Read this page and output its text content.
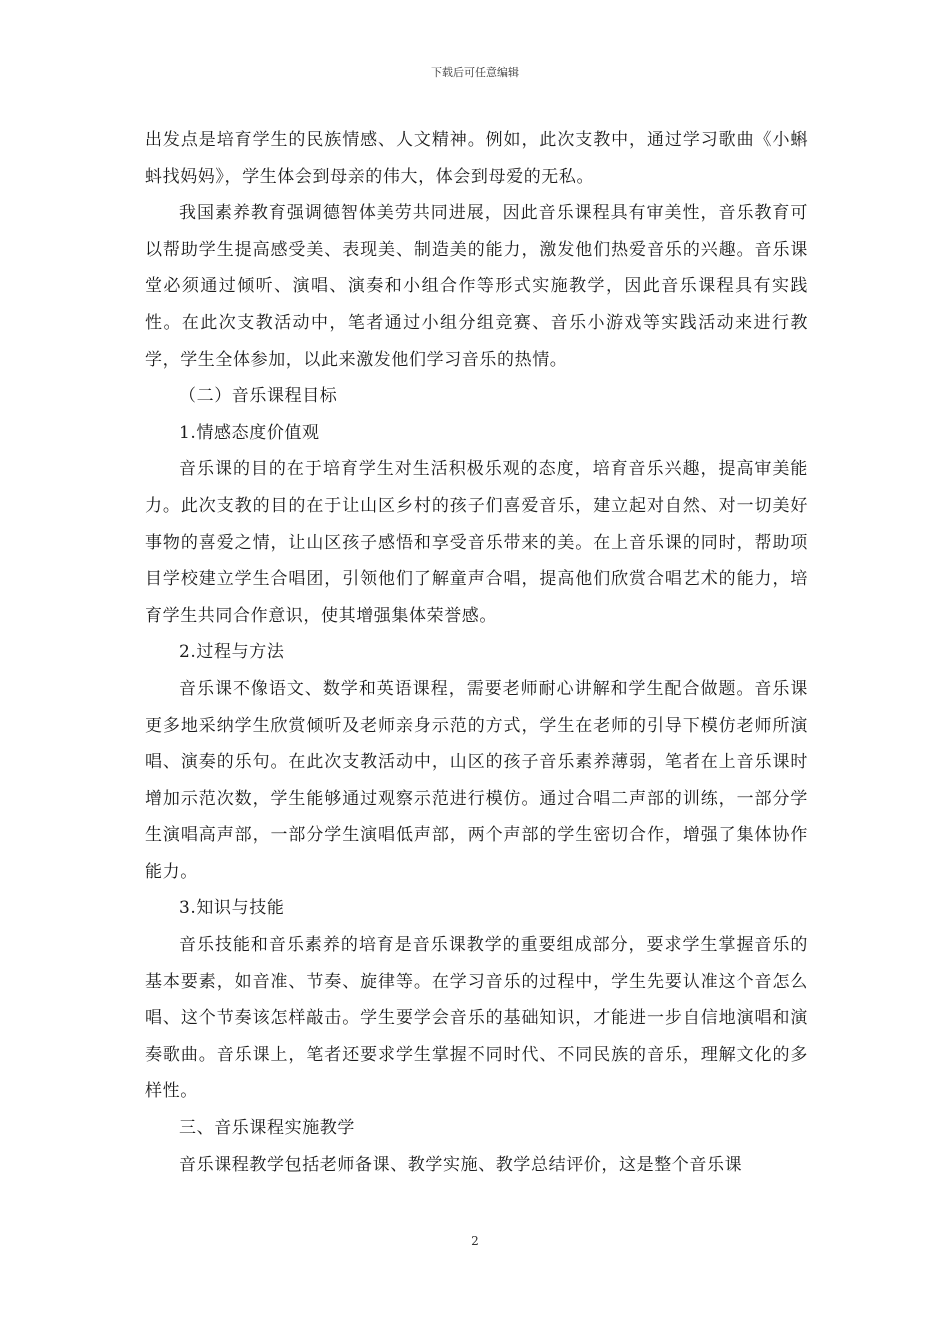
下载后可任意编辑

出发点是培育学生的民族情感、人文精神。例如，此次支教中，通过学习歌曲《小蝌蚪找妈妈》，学生体会到母亲的伟大，体会到母爱的无私。

我国素养教育强调德智体美劳共同进展，因此音乐课程具有审美性，音乐教育可以帮助学生提高感受美、表现美、制造美的能力，激发他们热爱音乐的兴趣。音乐课堂必须通过倾听、演唱、演奏和小组合作等形式实施教学，因此音乐课程具有实践性。在此次支教活动中，笔者通过小组分组竞赛、音乐小游戏等实践活动来进行教学，学生全体参加，以此来激发他们学习音乐的热情。

（二）音乐课程目标

1.情感态度价值观

音乐课的目的在于培育学生对生活积极乐观的态度，培育音乐兴趣，提高审美能力。此次支教的目的在于让山区乡村的孩子们喜爱音乐，建立起对自然、对一切美好事物的喜爱之情，让山区孩子感悟和享受音乐带来的美。在上音乐课的同时，帮助项目学校建立学生合唱团，引领他们了解童声合唱，提高他们欣赏合唱艺术的能力，培育学生共同合作意识，使其增强集体荣誉感。

2.过程与方法

音乐课不像语文、数学和英语课程，需要老师耐心讲解和学生配合做题。音乐课更多地采纳学生欣赏倾听及老师亲身示范的方式，学生在老师的引导下模仿老师所演唱、演奏的乐句。在此次支教活动中，山区的孩子音乐素养薄弱，笔者在上音乐课时增加示范次数，学生能够通过观察示范进行模仿。通过合唱二声部的训练，一部分学生演唱高声部，一部分学生演唱低声部，两个声部的学生密切合作，增强了集体协作能力。

3.知识与技能

音乐技能和音乐素养的培育是音乐课教学的重要组成部分，要求学生掌握音乐的基本要素，如音准、节奏、旋律等。在学习音乐的过程中，学生先要认准这个音怎么唱、这个节奏该怎样敲击。学生要学会音乐的基础知识，才能进一步自信地演唱和演奏歌曲。音乐课上，笔者还要求学生掌握不同时代、不同民族的音乐，理解文化的多样性。

三、音乐课程实施教学

音乐课程教学包括老师备课、教学实施、教学总结评价，这是整个音乐课

2
